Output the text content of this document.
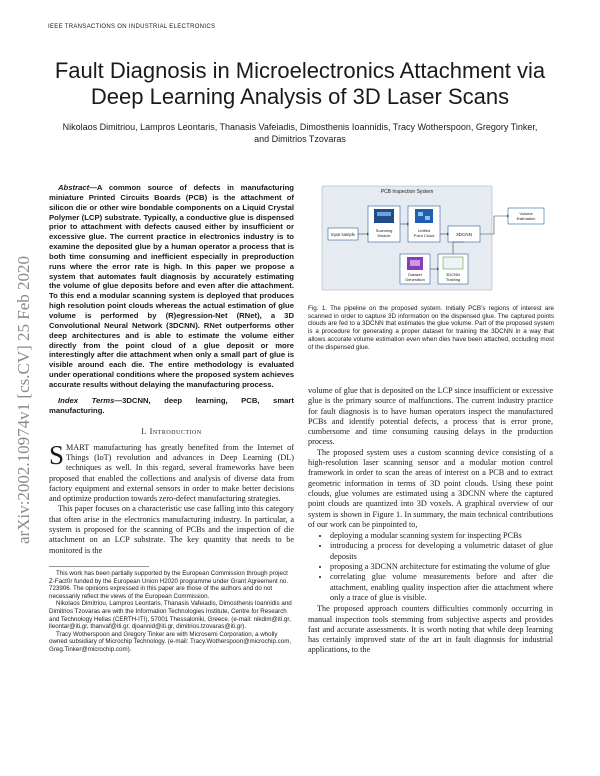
IEEE TRANSACTIONS ON INDUSTRIAL ELECTRONICS
arXiv:2002.10974v1 [cs.CV] 25 Feb 2020
Fault Diagnosis in Microelectronics Attachment via Deep Learning Analysis of 3D Laser Scans
Nikolaos Dimitriou, Lampros Leontaris, Thanasis Vafeiadis, Dimosthenis Ioannidis, Tracy Wotherspoon, Gregory Tinker, and Dimitrios Tzovaras

Abstract—A common source of defects in manufacturing miniature Printed Circuits Boards (PCB) is the attachment of silicon die or other wire bondable components on a Liquid Crystal Polymer (LCP) substrate. Typically, a conductive glue is dispensed prior to attachment with defects caused either by insufficient or excessive glue. The current practice in electronics industry is to examine the deposited glue by a human operator a process that is both time consuming and inefficient especially in preproduction runs where the error rate is high. In this paper we propose a system that automates fault diagnosis by accurately estimating the volume of glue deposits before and even after die attachment. To this end a modular scanning system is deployed that produces high resolution point clouds whereas the actual estimation of glue volume is performed by (R)egression-Net (RNet), a 3D Convolutional Neural Network (3DCNN). RNet outperforms other deep architectures and is able to estimate the volume either directly from the point cloud of a glue deposit or more interestingly after die attachment when only a small part of glue is visible around each die. The entire methodology is evaluated under operational conditions where the proposed system achieves accurate results without delaying the manufacturing process.

Index Terms—3DCNN, deep learning, PCB, smart manufacturing.

I. Introduction

SMART manufacturing has greatly benefited from the Internet of Things (IoT) revolution and advances in Deep Learning (DL) techniques as well. In this regard, several frameworks have been proposed that enabled the collections and analysis of diverse data from factory equipment and external sensors in order to make better decisions and optimize production towards zero-defect manufacturing strategies.

This paper focuses on a characteristic use case falling into this category that often arise in the electronics manufacturing industry. In particular, a system is proposed for the scanning of PCBs and the inspection of die attachment on an LCP substrate. The key quantity that needs to be monitored is the

This work has been partially supported by the European Commission through project Z-Fact0r funded by the European Union H2020 programme under Grant Agreement no. 723906. The opinions expressed in this paper are those of the authors and do not necessarily reflect the views of the European Commission.

Nikolaos Dimitriou, Lampros Leontaris, Thanasis Vafeiadis, Dimosthenis Ioannidis and Dimitrios Tzovaras are with the Information Technologies Institute, Centre for Research and Technology Hellas (CERTH-ITI), 57001 Thessaloniki, Greece. (e-mail: nikdim@iti.gr, lleontar@iti.gr, thanvaf@iti.gr, djoannid@iti.gr, dimitrios.tzovaras@iti.gr).

Tracy Wotherspoon and Gregory Tinker are with Microsemi Corporation, a wholly owned subsidiary of Microchip Technology. (e-mail: Tracy.Wotherspoon@microchip.com, Greg.Tinker@microchip.com).

PCB Inspection System
Input sample
Scanning
Module
Unified
Point Cloud	3DCNN
Volume
Estimation
Dataset
Generation
3DCNN
Training
Fig. 1. The pipeline on the proposed system. Initially PCB’s regions of interest are scanned in order to capture 3D information on the dispensed glue. The captured points clouds are fed to a 3DCNN that estimates the glue volume. Part of the proposed system is a procedure for generating a proper dataset for training the 3DCNN in a way that allows accurate volume estimation even when dies have been attached, occluding most of the dispensed glue.

volume of glue that is deposited on the LCP since insufficient or excessive glue is the primary source of malfunctions. The current industry practice for fault diagnosis is to have human operators inspect the manufactured PCBs and identify potential defects, a process that is error prone, cumbersome and time consuming causing delays in the production process.

The proposed system uses a custom scanning device consisting of a high-resolution laser scanning sensor and a modular motion control framework in order to scan the areas of interest on a PCB and to extract geometric information in terms of 3D point clouds. Using these point clouds, glue volumes are estimated using a 3DCNN where the captured point clouds are quantized into 3D voxels. A graphical overview of our system is shown in Figure 1. In summary, the main technical contributions of our work can be pinpointed to,

• deploying a modular scanning system for inspecting PCBs
• introducing a process for developing a volumetric dataset of glue deposits
• proposing a 3DCNN architecture for estimating the volume of glue
• correlating glue volume measurements before and after die attachment, enabling quality inspection after die attachment where only a trace of glue is visible.

The proposed approach counters difficulties commonly occurring in manual inspection tools stemming from subjective aspects and provides fast and accurate assessments. It is worth noting that while deep learning has certainly improved state of the art in fault diagnosis for industrial applications, to the
